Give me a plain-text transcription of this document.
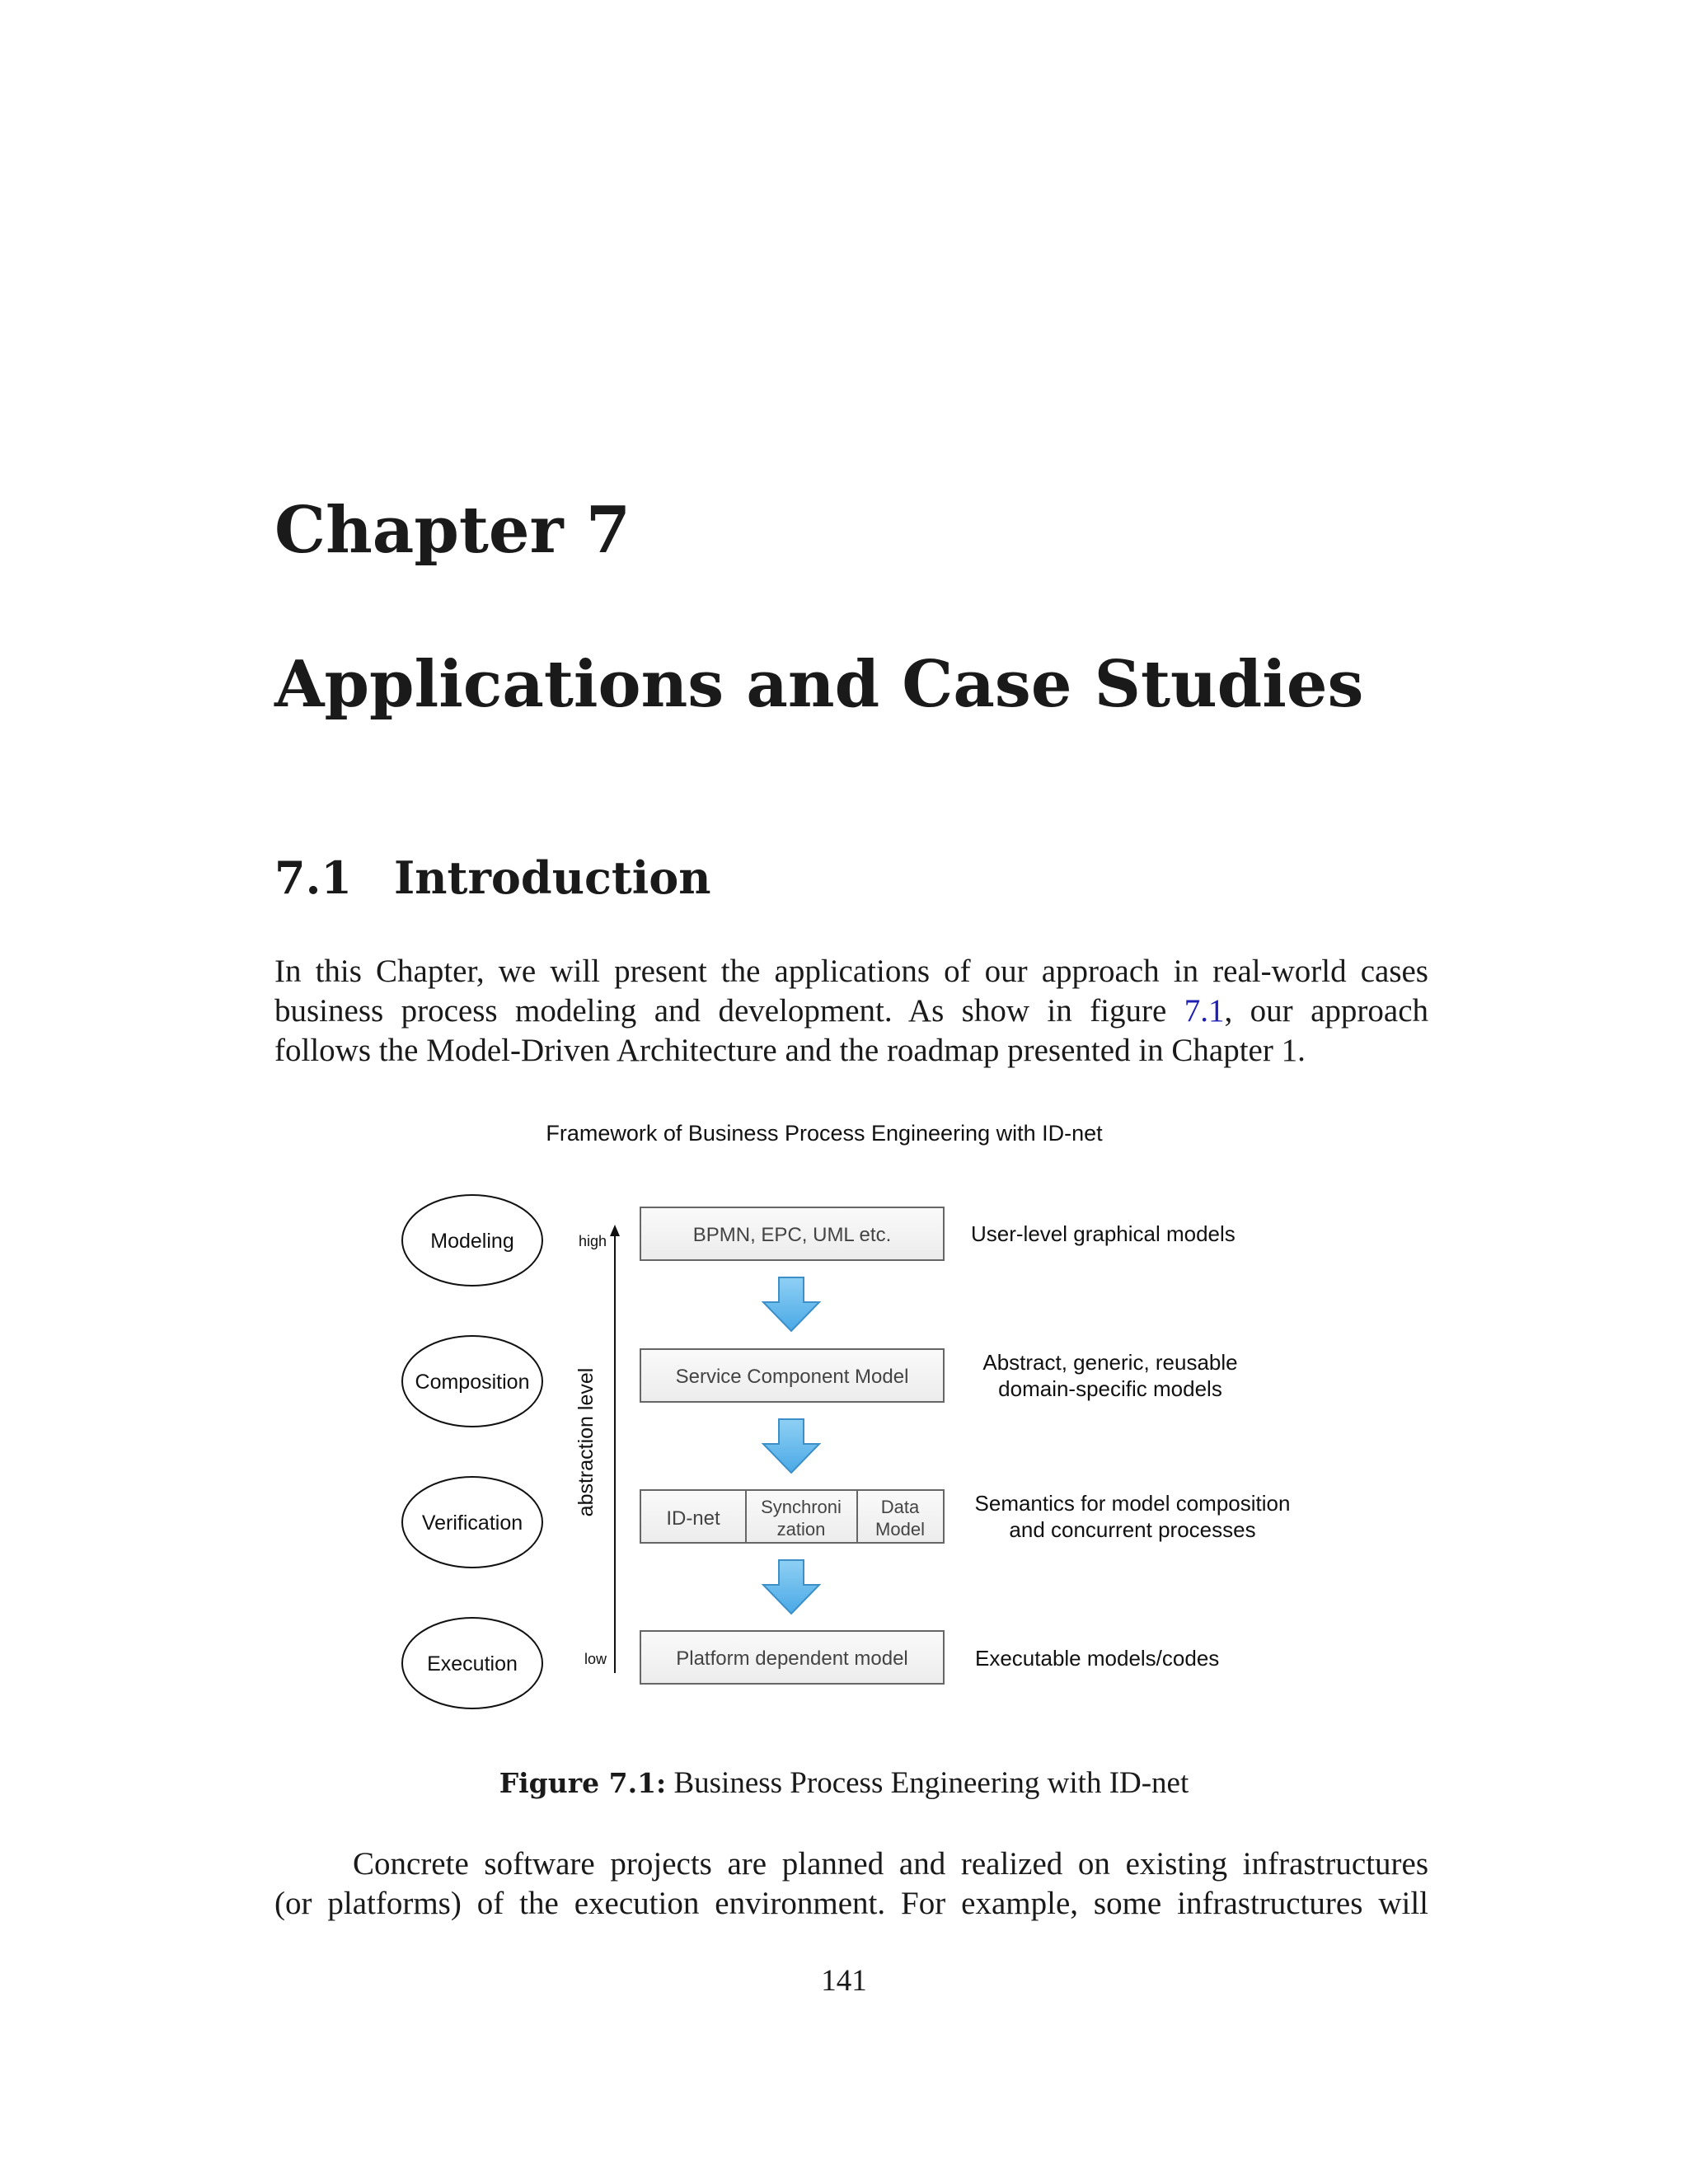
Chapter 7
Applications and Case Studies
7.1 Introduction

In this Chapter, we will present the applications of our approach in real-world cases
business process modeling and development. As show in figure 7.1, our approach
follows the Model-Driven Architecture and the roadmap presented in Chapter 1.

Framework of Business Process Engineering with ID-net
Modeling
Composition
Verification
Execution
high
low
abstraction level
BPMN, EPC, UML etc.
Service Component Model
ID-net
Synchroni
zation
Data
Model
Platform dependent model
User-level graphical models
Abstract, generic, reusable
domain-specific models
Semantics for model composition
and concurrent processes
Executable models/codes

Figure 7.1: Business Process Engineering with ID-net

Concrete software projects are planned and realized on existing infrastructures
(or platforms) of the execution environment. For example, some infrastructures will

141
